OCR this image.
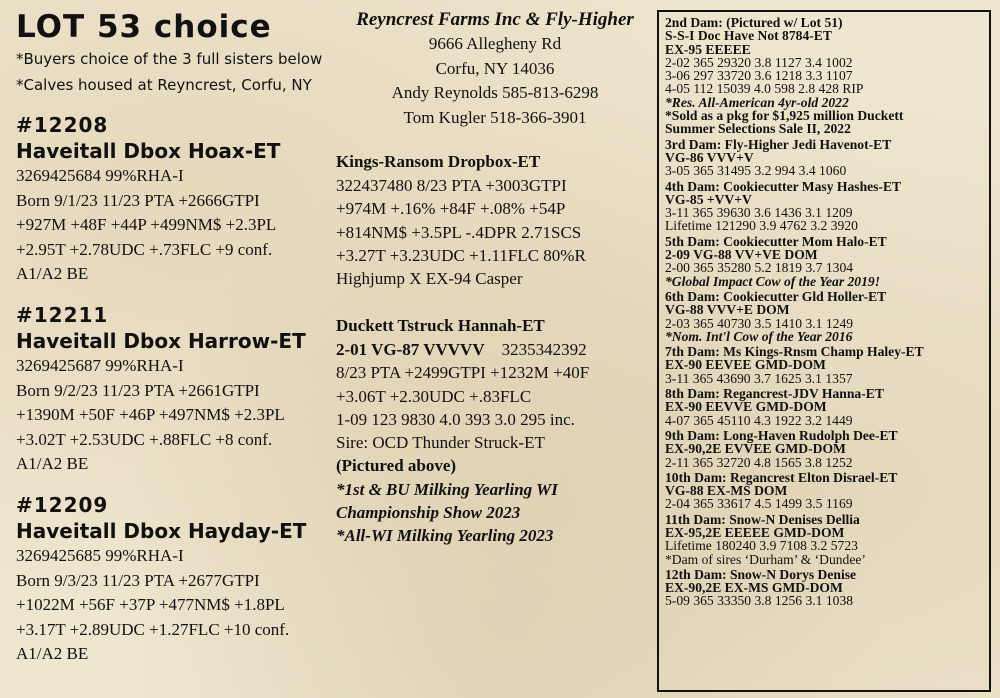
LOT 53 choice

*Buyers choice of the 3 full sisters below

*Calves housed at Reyncrest, Corfu, NY

#12208
Haveitall Dbox Hoax-ET
3269425684 99%RHA-I
Born 9/1/23 11/23 PTA +2666GTPI
+927M +48F +44P +499NM$ +2.3PL
+2.95T +2.78UDC +.73FLC +9 conf.
A1/A2 BE
#12211
Haveitall Dbox Harrow-ET
3269425687 99%RHA-I
Born 9/2/23 11/23 PTA +2661GTPI
+1390M +50F +46P +497NM$ +2.3PL
+3.02T +2.53UDC +.88FLC +8 conf.
A1/A2 BE
#12209
Haveitall Dbox Hayday-ET
3269425685 99%RHA-I
Born 9/3/23 11/23 PTA +2677GTPI
+1022M +56F +37P +477NM$ +1.8PL
+3.17T +2.89UDC +1.27FLC +10 conf.
A1/A2 BE
Reyncrest Farms Inc & Fly-Higher
9666 Allegheny Rd
Corfu, NY 14036
Andy Reynolds 585-813-6298
Tom Kugler 518-366-3901
Kings-Ransom Dropbox-ET
322437480 8/23 PTA +3003GTPI
+974M +.16% +84F +.08% +54P
+814NM$ +3.5PL -.4DPR 2.71SCS
+3.27T +3.23UDC +1.11FLC 80%R
Highjump X EX-94 Casper
Duckett Tstruck Hannah-ET
2-01 VG-87 VVVVV 3235342392
8/23 PTA +2499GTPI +1232M +40F
+3.06T +2.30UDC +.83FLC
1-09 123 9830 4.0 393 3.0 295 inc.
Sire: OCD Thunder Struck-ET
(Pictured above)
*1st & BU Milking Yearling WI
Championship Show 2023
*All-WI Milking Yearling 2023
2nd Dam: (Pictured w/ Lot 51)
S-S-I Doc Have Not 8784-ET
EX-95 EEEEE
2-02 365 29320 3.8 1127 3.4 1002
3-06 297 33720 3.6 1218 3.3 1107
4-05 112 15039 4.0 598 2.8 428 RIP
*Res. All-American 4yr-old 2022
*Sold as a pkg for $1,925 million Duckett
Summer Selections Sale II, 2022
3rd Dam: Fly-Higher Jedi Havenot-ET
VG-86 VVV+V
3-05 365 31495 3.2 994 3.4 1060
4th Dam: Cookiecutter Masy Hashes-ET
VG-85 +VV+V
3-11 365 39630 3.6 1436 3.1 1209
Lifetime 121290 3.9 4762 3.2 3920
5th Dam: Cookiecutter Mom Halo-ET
2-09 VG-88 VV+VE DOM
2-00 365 35280 5.2 1819 3.7 1304
*Global Impact Cow of the Year 2019!
6th Dam: Cookiecutter Gld Holler-ET
VG-88 VVV+E DOM
2-03 365 40730 3.5 1410 3.1 1249
*Nom. Int'l Cow of the Year 2016
7th Dam: Ms Kings-Rnsm Champ Haley-ET
EX-90 EEVEE GMD-DOM
3-11 365 43690 3.7 1625 3.1 1357
8th Dam: Regancrest-JDV Hanna-ET
EX-90 EEVVE GMD-DOM
4-07 365 45110 4.3 1922 3.2 1449
9th Dam: Long-Haven Rudolph Dee-ET
EX-90,2E EVVEE GMD-DOM
2-11 365 32720 4.8 1565 3.8 1252
10th Dam: Regancrest Elton Disrael-ET
VG-88 EX-MS DOM
2-04 365 33617 4.5 1499 3.5 1169
11th Dam: Snow-N Denises Dellia
EX-95,2E EEEEE GMD-DOM
Lifetime 180240 3.9 7108 3.2 5723
*Dam of sires ‘Durham’ & ‘Dundee’
12th Dam: Snow-N Dorys Denise
EX-90,2E EX-MS GMD-DOM
5-09 365 33350 3.8 1256 3.1 1038
